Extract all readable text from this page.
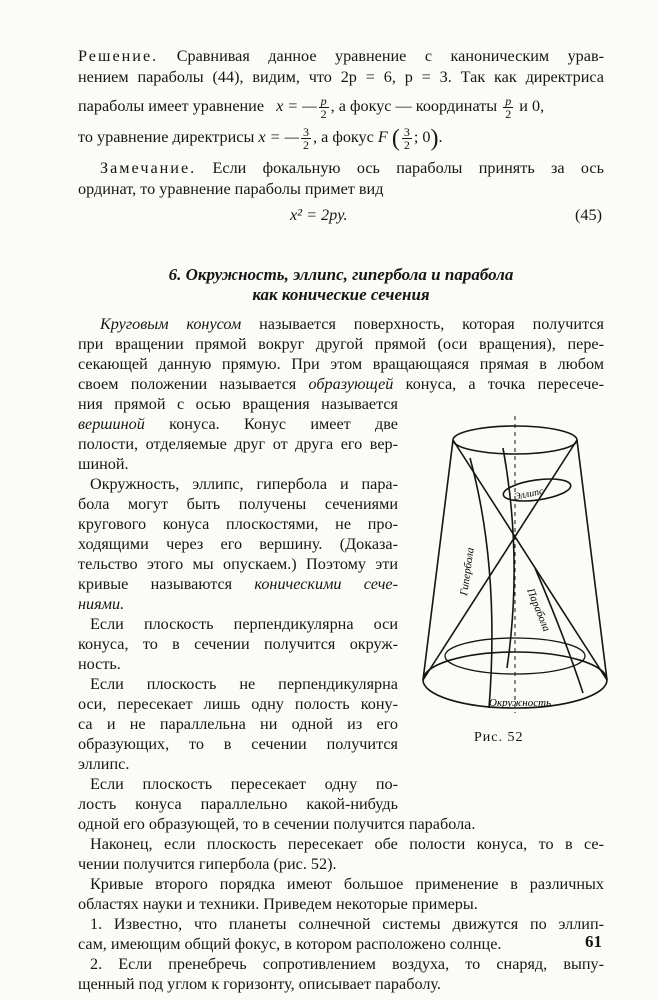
Решение. Сравнивая данное уравнение с каноническим урав-
нением параболы (44), видим, что 2p = 6, p = 3. Так как директриса
параболы имеет уравнение x = — $\frac{p}{2}$ , а фокус — координаты $\frac{p}{2}$ и 0,
то уравнение директрисы x = — $\frac{3}{2}$ , а фокус F ( $\frac{3}{2}$ ; 0).
Замечание. Если фокальную ось параболы принять за ось
ординат, то уравнение параболы примет вид
x² = 2py.	(45)
6. Окружность, эллипс, гипербола и парабола
как конические сечения
Круговым конусом называется поверхность, которая получится
при вращении прямой вокруг другой прямой (оси вращения), пере-
секающей данную прямую. При этом вращающаяся прямая в любом
своем положении называется образующей конуса, а точка пересече-
ния прямой с осью вращения называется
вершиной конуса. Конус имеет две
полости, отделяемые друг от друга его вер-
шиной.
Окружность, эллипс, гипербола и пара-
бола могут быть получены сечениями
кругового конуса плоскостями, не про-
ходящими через его вершину. (Доказа-
тельство этого мы опускаем.) Поэтому эти
кривые называются коническими сече-
ниями.
Если плоскость перпендикулярна оси
конуса, то в сечении получится окруж-
ность.
Если плоскость не перпендикулярна
оси, пересекает лишь одну полость кону-
са и не параллельна ни одной из его
образующих, то в сечении получится
эллипс.
Если плоскость пересекает одну по-
лость конуса параллельно какой-нибудь
одной его образующей, то в сечении получится парабола.
Наконец, если плоскость пересекает обе полости конуса, то в се-
чении получится гипербола (рис. 52).
Кривые второго порядка имеют большое применение в различных
областях науки и техники. Приведем некоторые примеры.
Эллипс
Гипербола
Парабола
Окружность
Рис. 52
61
1. Известно, что планеты солнечной системы движутся по эллип-
сам, имеющим общий фокус, в котором расположено солнце.
2. Если пренебречь сопротивлением воздуха, то снаряд, выпу-
щенный под углом к горизонту, описывает параболу.
